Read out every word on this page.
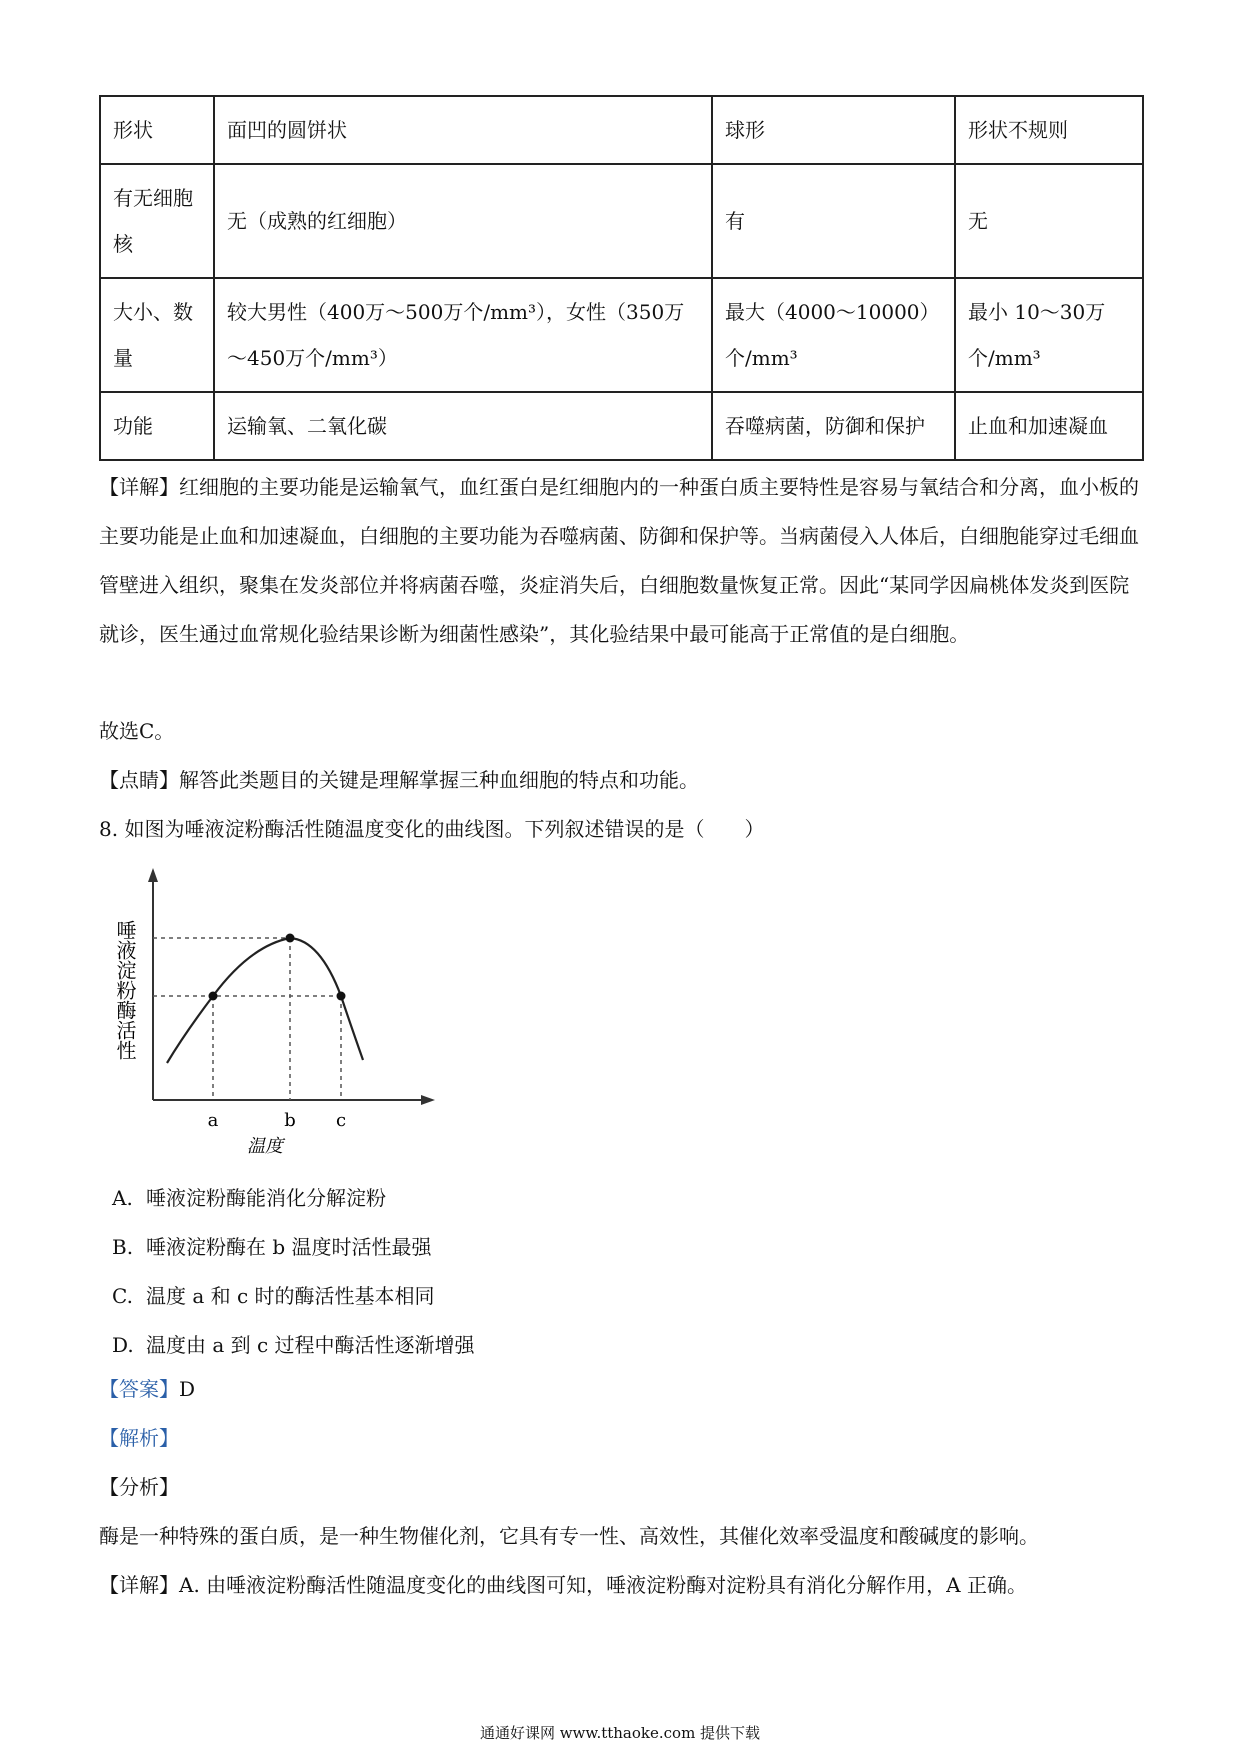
形状	面凹的圆饼状	球形	形状不规则
有无细胞核	无（成熟的红细胞）	有	无
大小、数量	较大男性（400万～500万个/mm³），女性（350万～450万个/mm³）	最大（4000～10000）个/mm³	最小 10～30万个/mm³
功能	运输氧、二氧化碳	吞噬病菌，防御和保护	止血和加速凝血
【详解】红细胞的主要功能是运输氧气，血红蛋白是红细胞内的一种蛋白质主要特性是容易与氧结合和分离，血小板的主要功能是止血和加速凝血，白细胞的主要功能为吞噬病菌、防御和保护等。当病菌侵入人体后，白细胞能穿过毛细血管壁进入组织，聚集在发炎部位并将病菌吞噬，炎症消失后，白细胞数量恢复正常。因此“某同学因扁桃体发炎到医院就诊，医生通过血常规化验结果诊断为细菌性感染”，其化验结果中最可能高于正常值的是白细胞。
故选C。
【点睛】解答此类题目的关键是理解掌握三种血细胞的特点和功能。
8. 如图为唾液淀粉酶活性随温度变化的曲线图。下列叙述错误的是（　　）
唾液淀粉酶活性
a	b c
温度
A. 唾液淀粉酶能消化分解淀粉
B. 唾液淀粉酶在 b 温度时活性最强
C. 温度 a 和 c 时的酶活性基本相同
D. 温度由 a 到 c 过程中酶活性逐渐增强
【答案】D
【解析】
【分析】
酶是一种特殊的蛋白质，是一种生物催化剂，它具有专一性、高效性，其催化效率受温度和酸碱度的影响。
【详解】A. 由唾液淀粉酶活性随温度变化的曲线图可知，唾液淀粉酶对淀粉具有消化分解作用，A 正确。
通通好课网 www.tthaoke.com 提供下载
